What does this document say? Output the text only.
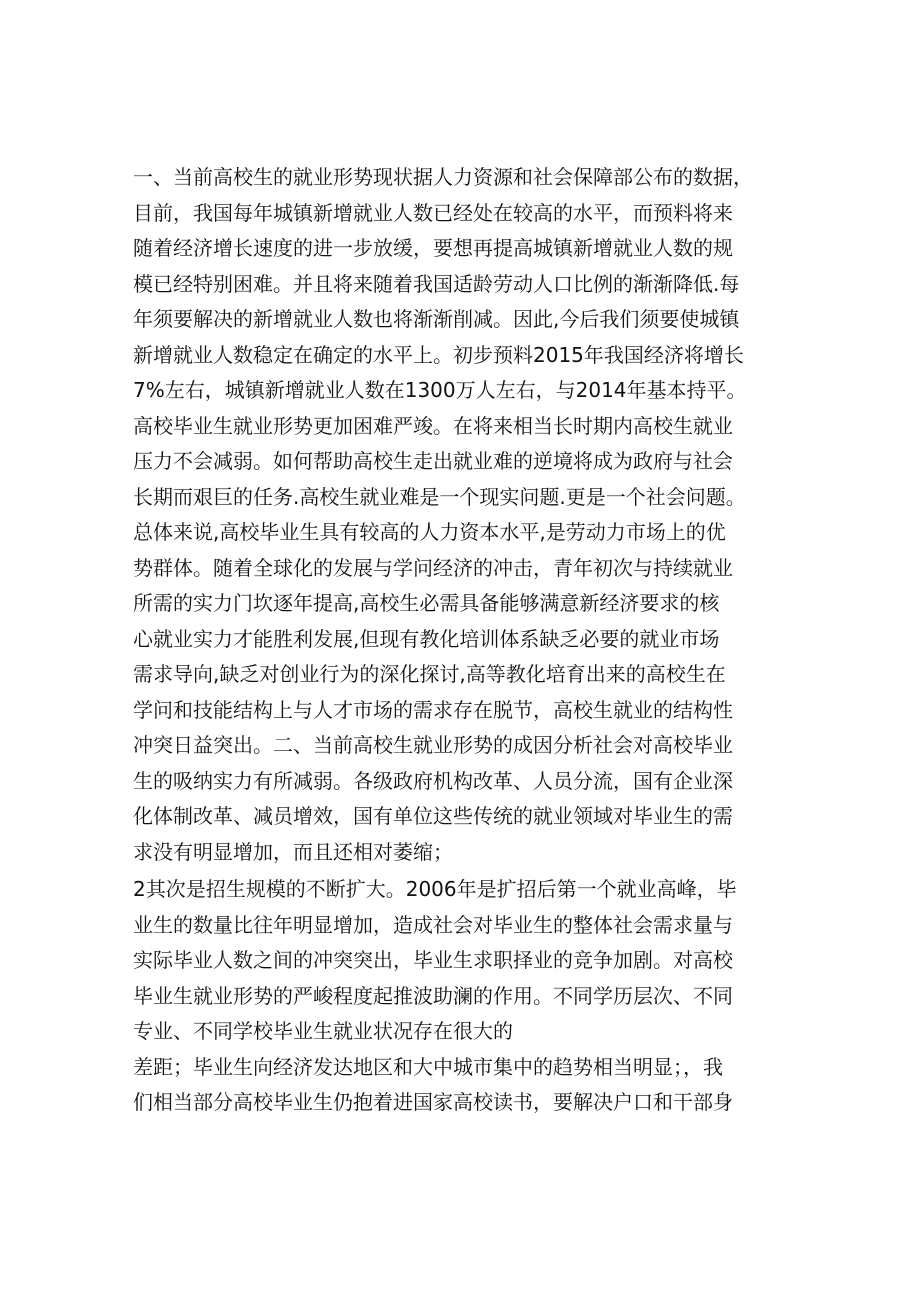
一、当前高校生的就业形势现状据人力资源和社会保障部公布的数据，
目前，我国每年城镇新增就业人数已经处在较高的水平，而预料将来
随着经济增长速度的进一步放缓，要想再提高城镇新增就业人数的规
模已经特别困难。并且将来随着我国适龄劳动人口比例的渐渐降低.每
年须要解决的新增就业人数也将渐渐削减。因此,今后我们须要使城镇
新增就业人数稳定在确定的水平上。初步预料2015年我国经济将增长
7%左右，城镇新增就业人数在1300万人左右，与2014年基本持平。
高校毕业生就业形势更加困难严竣。在将来相当长时期内高校生就业
压力不会减弱。如何帮助高校生走出就业难的逆境将成为政府与社会
长期而艰巨的任务.高校生就业难是一个现实问题.更是一个社会问题。
总体来说,高校毕业生具有较高的人力资本水平,是劳动力市场上的优
势群体。随着全球化的发展与学问经济的冲击，青年初次与持续就业
所需的实力门坎逐年提高,高校生必需具备能够满意新经济要求的核
心就业实力才能胜利发展,但现有教化培训体系缺乏必要的就业市场
需求导向,缺乏对创业行为的深化探讨,高等教化培育出来的高校生在
学问和技能结构上与人才市场的需求存在脱节，高校生就业的结构性
冲突日益突出。二、当前高校生就业形势的成因分析社会对高校毕业
生的吸纳实力有所减弱。各级政府机构改革、人员分流，国有企业深
化体制改革、减员增效，国有单位这些传统的就业领域对毕业生的需
求没有明显增加，而且还相对萎缩；
2其次是招生规模的不断扩大。2006年是扩招后第一个就业高峰，毕
业生的数量比往年明显增加，造成社会对毕业生的整体社会需求量与
实际毕业人数之间的冲突突出，毕业生求职择业的竞争加剧。对高校
毕业生就业形势的严峻程度起推波助澜的作用。不同学历层次、不同
专业、不同学校毕业生就业状况存在很大的
差距；毕业生向经济发达地区和大中城市集中的趋势相当明显；，我
们相当部分高校毕业生仍抱着进国家高校读书，要解决户口和干部身
